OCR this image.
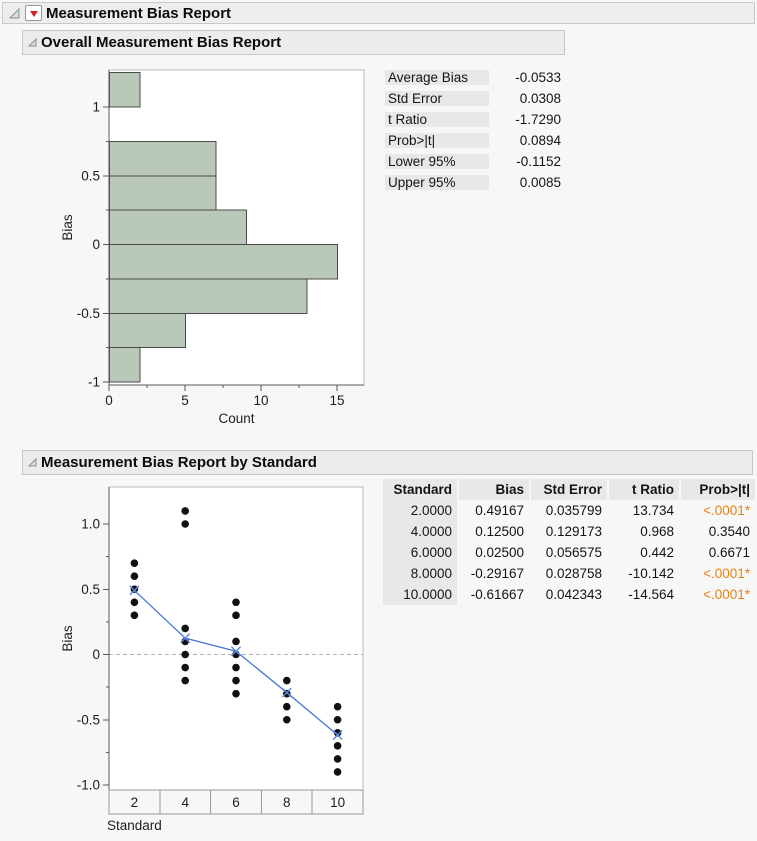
Measurement Bias Report
Overall Measurement Bias Report
1
0.5
0
-0.5
-1
0	5	10	15
Count
Bias
Average Bias	-0.0533
Std Error	0.0308
t Ratio	-1.7290
Prob>|t|	0.0894
Lower 95%	-0.1152
Upper 95%	0.0085
Measurement Bias Report by Standard
1.0
0.5
0
-0.5
-1.0
2	4	6	8	10
Standard
Bias
Standard	Bias	Std Error	t Ratio	Prob>|t|
2.0000	0.49167	0.035799	13.734	<.0001*
4.0000	0.12500	0.129173	0.968	0.3540
6.0000	0.02500	0.056575	0.442	0.6671
8.0000	-0.29167	0.028758	-10.142	<.0001*
10.0000	-0.61667	0.042343	-14.564	<.0001*
